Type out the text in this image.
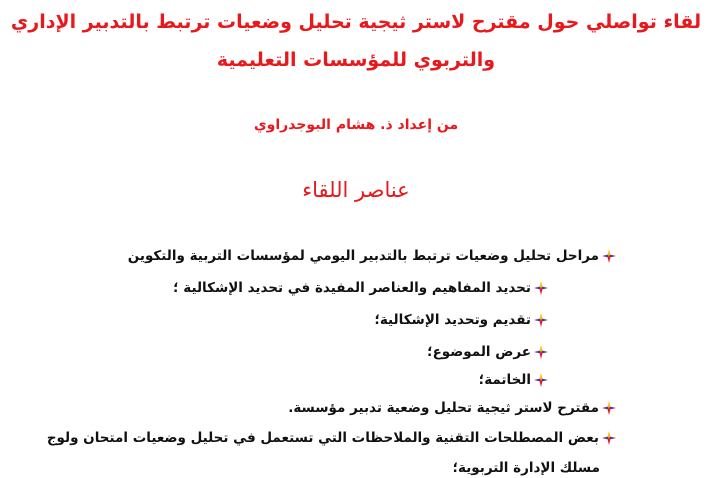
لقاء تواصلي حول مقترح لاستر ثيجية تحليل وضعيات ترتبط بالتدبير الإداري
والتربوي للمؤسسات التعليمية
من إعداد ذ. هشام البوجدراوي
عناصر اللقاء
مراحل تحليل وضعيات ترتبط بالتدبير اليومي لمؤسسات التربية والتكوين
تحديد المفاهيم والعناصر المفيدة في تحديد الإشكالية ؛
تقديم وتحديد الإشكالية؛
عرض الموضوع؛
الخاتمة؛
مقترح لاستر ثيجية تحليل وضعية تدبير مؤسسة.
بعض المصطلحات التقنية والملاحظات التي تستعمل في تحليل وضعيات امتحان ولوج
مسلك الإدارة التربوية؛
